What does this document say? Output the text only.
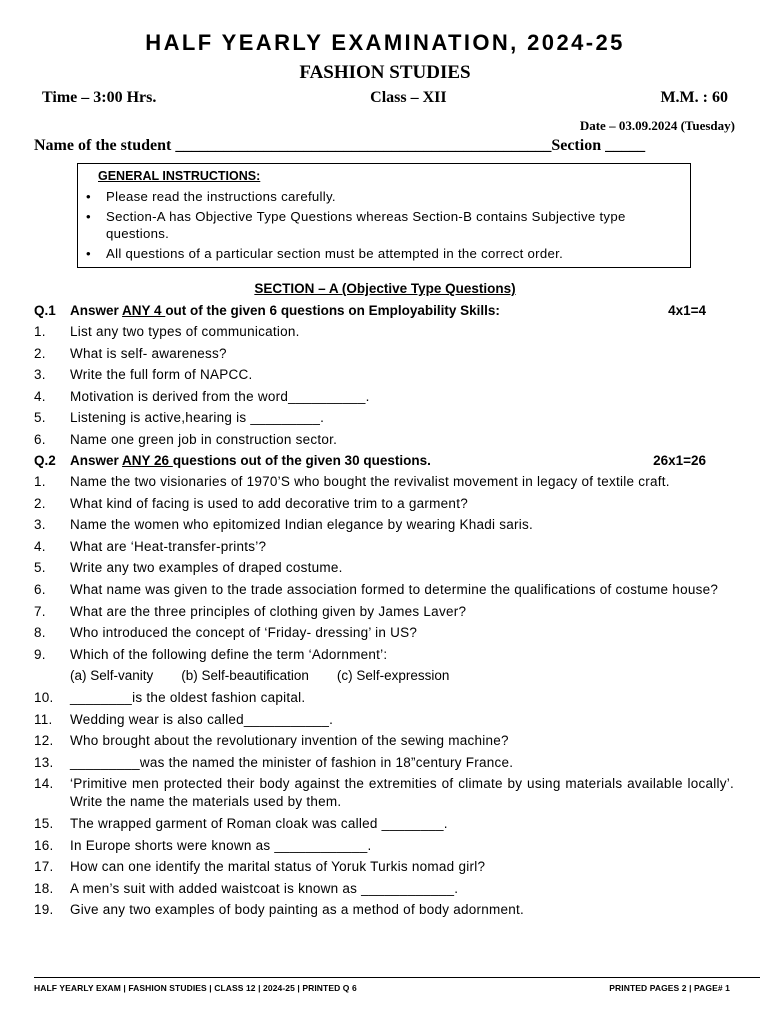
HALF YEARLY EXAMINATION, 2024-25
FASHION STUDIES
Time – 3:00 Hrs.	Class – XII	M.M. : 60
Date – 03.09.2024 (Tuesday)
Name of the student _______________________________________________Section _____
GENERAL INSTRUCTIONS:
• Please read the instructions carefully.
• Section-A has Objective Type Questions whereas Section-B contains Subjective type questions.
• All questions of a particular section must be attempted in the correct order.
SECTION – A (Objective Type Questions)
Q.1 Answer ANY 4 out of the given 6 questions on Employability Skills:	4x1=4
1. List any two types of communication.
2. What is self- awareness?
3. Write the full form of NAPCC.
4. Motivation is derived from the word__________.
5. Listening is active,hearing is _________.
6. Name one green job in construction sector.
Q.2 Answer ANY 26 questions out of the given 30 questions.	26x1=26
1. Name the two visionaries of 1970’S who bought the revivalist movement in legacy of textile craft.
2. What kind of facing is used to add decorative trim to a garment?
3. Name the women who epitomized Indian elegance by wearing Khadi saris.
4. What are ‘Heat-transfer-prints’?
5. Write any two examples of draped costume.
6. What name was given to the trade association formed to determine the qualifications of costume house?
7. What are the three principles of clothing given by James Laver?
8. Who introduced the concept of ‘Friday- dressing’ in US?
9. Which of the following define the term ‘Adornment’:
(a) Self-vanity (b) Self-beautification (c) Self-expression
10. ________is the oldest fashion capital.
11. Wedding wear is also called___________.
12. Who brought about the revolutionary invention of the sewing machine?
13. _________was the named the minister of fashion in 18”century France.
14. ‘Primitive men protected their body against the extremities of climate by using materials available locally’. Write the name the materials used by them.
15. The wrapped garment of Roman cloak was called ________.
16. In Europe shorts were known as ____________.
17. How can one identify the marital status of Yoruk Turkis nomad girl?
18. A men’s suit with added waistcoat is known as ____________.
19. Give any two examples of body painting as a method of body adornment.
HALF YEARLY EXAM | FASHION STUDIES | CLASS 12 | 2024-25 | PRINTED Q 6	PRINTED PAGES 2 | PAGE# 1
